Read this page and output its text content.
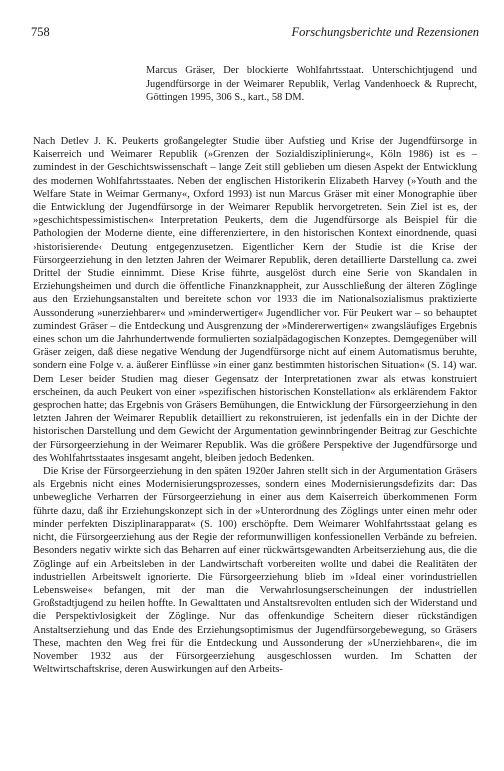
758	Forschungsberichte und Rezensionen
Marcus Gräser, Der blockierte Wohlfahrtsstaat. Unterschichtjugend und Jugendfürsorge in der Weimarer Republik, Verlag Vandenhoeck & Ruprecht, Göttingen 1995, 306 S., kart., 58 DM.

Nach Detlev J. K. Peukerts großangelegter Studie über Aufstieg und Krise der Jugendfürsorge in Kaiserreich und Weimarer Republik (»Grenzen der Sozialdisziplinierung«, Köln 1986) ist es – zumindest in der Geschichtswissenschaft – lange Zeit still geblieben um diesen Aspekt der Entwicklung des modernen Wohlfahrtsstaates. Neben der englischen Historikerin Elizabeth Harvey (»Youth and the Welfare State in Weimar Germany«, Oxford 1993) ist nun Marcus Gräser mit einer Monographie über die Entwicklung der Jugendfürsorge in der Weimarer Republik hervorgetreten. Sein Ziel ist es, der »geschichtspessimistischen« Interpretation Peukerts, dem die Jugendfürsorge als Beispiel für die Pathologien der Moderne diente, eine differenziertere, in den historischen Kontext einordnende, quasi ›historisierende‹ Deutung entgegenzusetzen. Eigentlicher Kern der Studie ist die Krise der Fürsorgeerziehung in den letzten Jahren der Weimarer Republik, deren detaillierte Darstellung ca. zwei Drittel der Studie einnimmt. Diese Krise führte, ausgelöst durch eine Serie von Skandalen in Erziehungsheimen und durch die öffentliche Finanzknappheit, zur Ausschließung der älteren Zöglinge aus den Erziehungsanstalten und bereitete schon vor 1933 die im Nationalsozialismus praktizierte Aussonderung »unerziehbarer« und »minderwertiger« Jugendlicher vor. Für Peukert war – so behauptet zumindest Gräser – die Entdeckung und Ausgrenzung der »Mindererwertigen« zwangsläufiges Ergebnis eines schon um die Jahrhundertwende formulierten sozialpädagogischen Konzeptes. Demgegenüber will Gräser zeigen, daß diese negative Wendung der Jugendfürsorge nicht auf einem Automatismus beruhte, sondern eine Folge v. a. äußerer Einflüsse »in einer ganz bestimmten historischen Situation« (S. 14) war. Dem Leser beider Studien mag dieser Gegensatz der Interpretationen zwar als etwas konstruiert erscheinen, da auch Peukert von einer »spezifischen historischen Konstellation« als erklärendem Faktor gesprochen hatte; das Ergebnis von Gräsers Bemühungen, die Entwicklung der Fürsorgeerziehung in den letzten Jahren der Weimarer Republik detailliert zu rekonstruieren, ist jedenfalls ein in der Dichte der historischen Darstellung und dem Gewicht der Argumentation gewinnbringender Beitrag zur Geschichte der Fürsorgeerziehung in der Weimarer Republik. Was die größere Perspektive der Jugendfürsorge und des Wohlfahrtsstaates insgesamt angeht, bleiben jedoch Bedenken.

Die Krise der Fürsorgeerziehung in den späten 1920er Jahren stellt sich in der Argumentation Gräsers als Ergebnis nicht eines Modernisierungsprozesses, sondern eines Modernisierungsdefizits dar: Das unbewegliche Verharren der Fürsorgeerziehung in einer aus dem Kaiserreich überkommenen Form führte dazu, daß ihr Erziehungskonzept sich in der »Unterordnung des Zöglings unter einen mehr oder minder perfekten Disziplinarapparat« (S. 100) erschöpfte. Dem Weimarer Wohlfahrtsstaat gelang es nicht, die Fürsorgeerziehung aus der Regie der reformunwilligen konfessionellen Verbände zu befreien. Besonders negativ wirkte sich das Beharren auf einer rückwärtsgewandten Arbeitserziehung aus, die die Zöglinge auf ein Arbeitsleben in der Landwirtschaft vorbereiten wollte und dabei die Realitäten der industriellen Arbeitswelt ignorierte. Die Fürsorgeerziehung blieb im »Ideal einer vorindustriellen Lebensweise« befangen, mit der man die Verwahrlosungserscheinungen der industriellen Großstadtjugend zu heilen hoffte. In Gewalttaten und Anstaltsrevolten entluden sich der Widerstand und die Perspektivlosigkeit der Zöglinge. Nur das offenkundige Scheitern dieser rückständigen Anstaltserziehung und das Ende des Erziehungsoptimismus der Jugendfürsorgebewegung, so Gräsers These, machten den Weg frei für die Entdeckung und Aussonderung der »Unerziehbaren«, die im November 1932 aus der Fürsorgeerziehung ausgeschlossen wurden. Im Schatten der Weltwirtschaftskrise, deren Auswirkungen auf den Arbeits-
